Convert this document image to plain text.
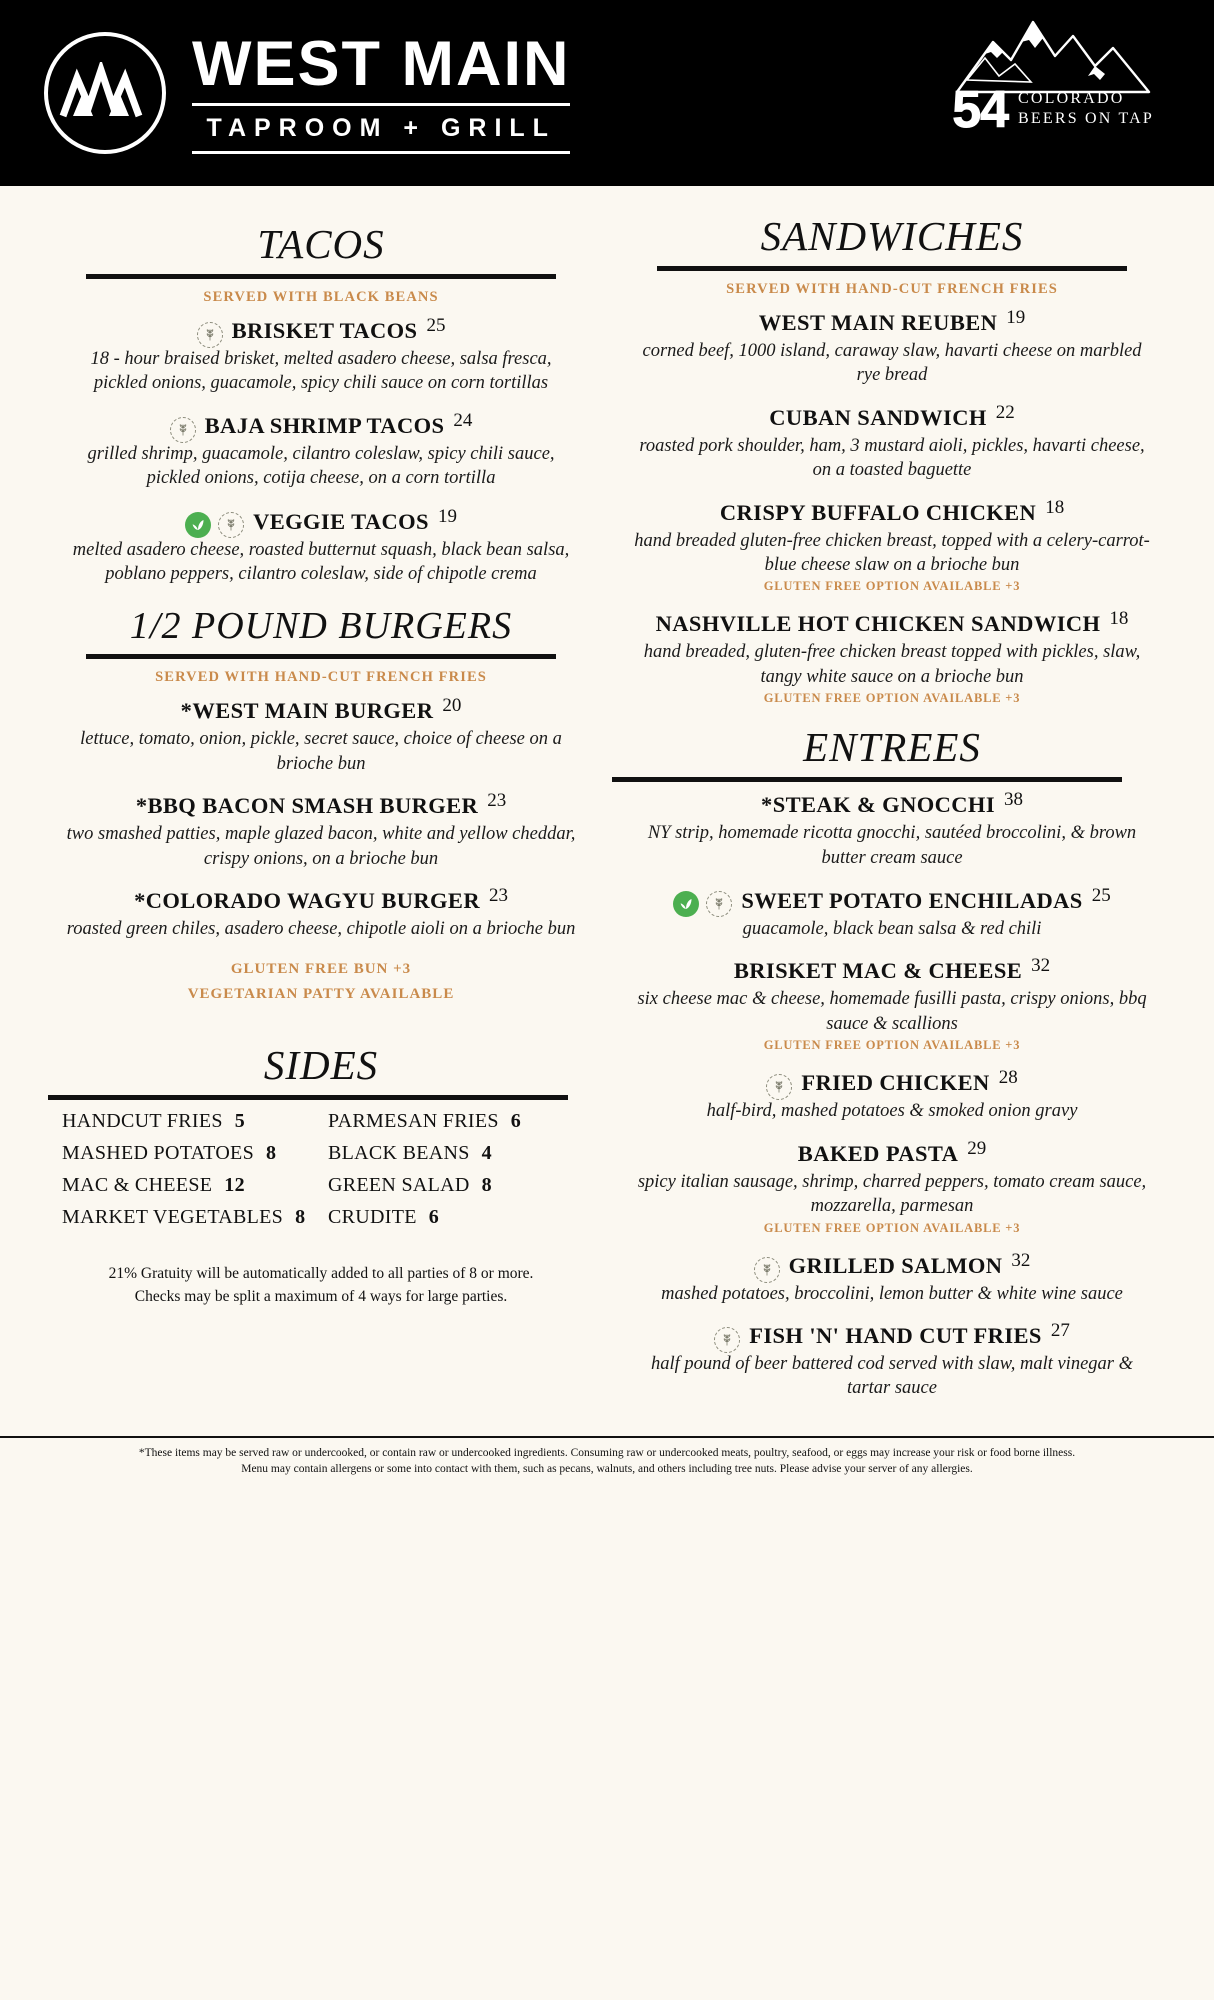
WEST MAIN
TAPROOM + GRILL	54 COLORADO
BEERS ON TAP
TACOS
SERVED WITH BLACK BEANS
BRISKET TACOS 25
18 - hour braised brisket, melted asadero cheese, salsa fresca, pickled onions, guacamole, spicy chili sauce on corn tortillas
BAJA SHRIMP TACOS 24
grilled shrimp, guacamole, cilantro coleslaw, spicy chili sauce, pickled onions, cotija cheese, on a corn tortilla
VEGGIE TACOS 19
melted asadero cheese, roasted butternut squash, black bean salsa, poblano peppers, cilantro coleslaw, side of chipotle crema
1/2 POUND BURGERS
SERVED WITH HAND-CUT FRENCH FRIES
*WEST MAIN BURGER 20
lettuce, tomato, onion, pickle, secret sauce, choice of cheese on a brioche bun
*BBQ BACON SMASH BURGER 23
two smashed patties, maple glazed bacon, white and yellow cheddar, crispy onions, on a brioche bun
*COLORADO WAGYU BURGER 23
roasted green chiles, asadero cheese, chipotle aioli on a brioche bun
GLUTEN FREE BUN +3
VEGETARIAN PATTY AVAILABLE
SIDES
HANDCUT FRIES 5	PARMESAN FRIES 6
MASHED POTATOES 8	BLACK BEANS 4
MAC & CHEESE 12	GREEN SALAD 8
MARKET VEGETABLES 8 CRUDITE 6
21% Gratuity will be automatically added to all parties of 8 or more.
Checks may be split a maximum of 4 ways for large parties.
SANDWICHES
SERVED WITH HAND-CUT FRENCH FRIES
WEST MAIN REUBEN 19
corned beef, 1000 island, caraway slaw, havarti cheese on marbled rye bread
CUBAN SANDWICH 22
roasted pork shoulder, ham, 3 mustard aioli, pickles, havarti cheese, on a toasted baguette
CRISPY BUFFALO CHICKEN 18
hand breaded gluten-free chicken breast, topped with a celery-carrot-blue cheese slaw on a brioche bun
GLUTEN FREE OPTION AVAILABLE +3
NASHVILLE HOT CHICKEN SANDWICH 18
hand breaded, gluten-free chicken breast topped with pickles, slaw, tangy white sauce on a brioche bun
GLUTEN FREE OPTION AVAILABLE +3
ENTREES
*STEAK & GNOCCHI 38
NY strip, homemade ricotta gnocchi, sautéed broccolini, & brown butter cream sauce
SWEET POTATO ENCHILADAS 25
guacamole, black bean salsa & red chili
BRISKET MAC & CHEESE 32
six cheese mac & cheese, homemade fusilli pasta, crispy onions, bbq sauce & scallions
GLUTEN FREE OPTION AVAILABLE +3
FRIED CHICKEN 28
half-bird, mashed potatoes & smoked onion gravy
BAKED PASTA 29
spicy italian sausage, shrimp, charred peppers, tomato cream sauce, mozzarella, parmesan
GLUTEN FREE OPTION AVAILABLE +3
GRILLED SALMON 32
mashed potatoes, broccolini, lemon butter & white wine sauce
FISH 'N' HAND CUT FRIES 27
half pound of beer battered cod served with slaw, malt vinegar & tartar sauce
*These items may be served raw or undercooked, or contain raw or undercooked ingredients. Consuming raw or undercooked meats, poultry, seafood, or eggs may increase your risk or food borne illness.
Menu may contain allergens or some into contact with them, such as pecans, walnuts, and others including tree nuts. Please advise your server of any allergies.
